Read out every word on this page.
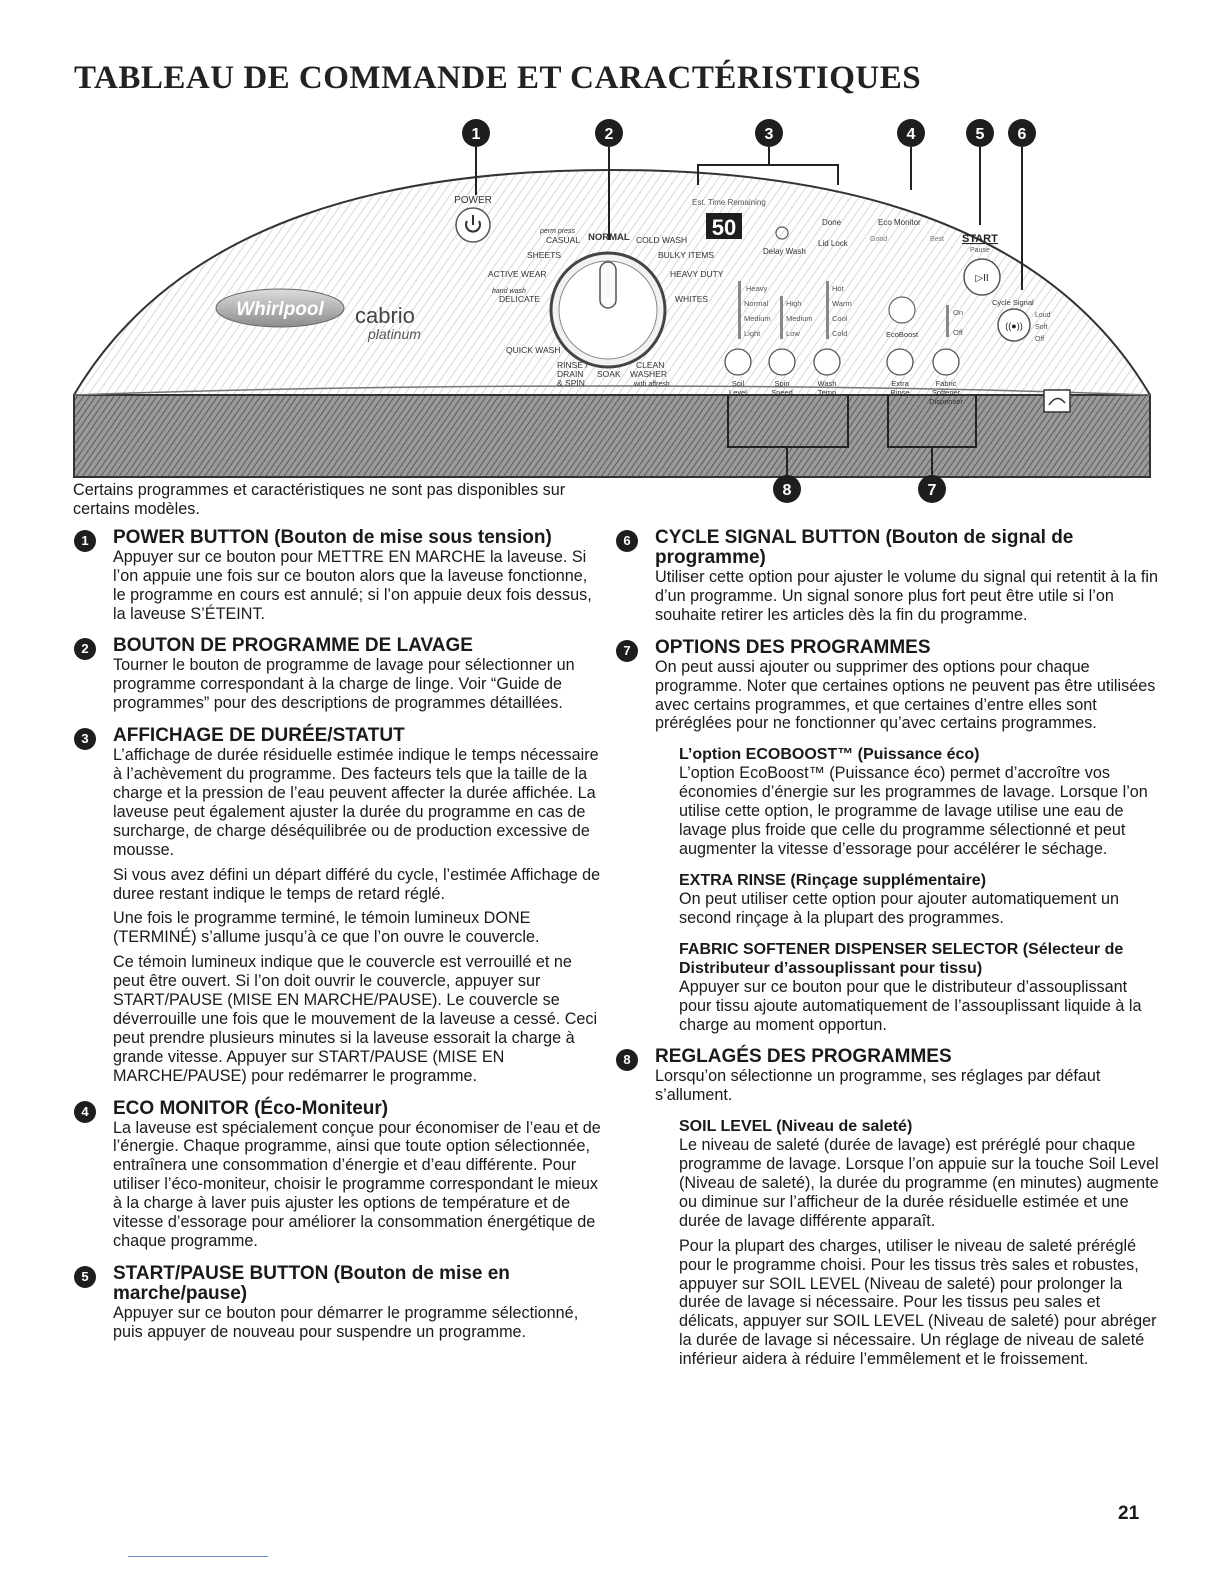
TABLEAU DE COMMANDE ET CARACTÉRISTIQUES
1	2	3	4	5 6
8	7
Whirlpool cabrio
platinum
POWER
perm press
CASUAL NORMAL COLD WASH
SHEETS	BULKY ITEMS
ACTIVE WEAR	HEAVY DUTY
hand wash
DELICATE	WHITES
QUICK WASH
RINSE /
DRAIN
& SPIN
SOAK
CLEAN
WASHER
with affresh
Est. Time Remaining
50	Done
Lid Lock
Delay Wash
Eco Monitor
Good	Best START
Pause
▷II
Heavy
Normal
Medium
Light
High
Medium
Low
Hot
Warm
Cool
Cold	EcoBoost
On
Off
Cycle Signal
((●))
Loud
Soft
Off
Soil
Level
Spin
Speed
Wash
Temp
Extra
Rinse
Fabric
Softener
Dispenser

Certains programmes et caractéristiques ne sont pas disponibles sur certains modèles.

1	POWER BUTTON (Bouton de mise sous tension)

Appuyer sur ce bouton pour METTRE EN MARCHE la laveuse. Si l’on appuie une fois sur ce bouton alors que la laveuse fonctionne, le programme en cours est annulé; si l’on appuie deux fois dessus, la laveuse S’ÉTEINT.

2	BOUTON DE PROGRAMME DE LAVAGE

Tourner le bouton de programme de lavage pour sélectionner un programme correspondant à la charge de linge. Voir “Guide de programmes” pour des descriptions de programmes détaillées.

3	AFFICHAGE DE DURÉE/STATUT

L’affichage de durée résiduelle estimée indique le temps nécessaire à l’achèvement du programme. Des facteurs tels que la taille de la charge et la pression de l’eau peuvent affecter la durée affichée. La laveuse peut également ajuster la durée du programme en cas de surcharge, de charge déséquilibrée ou de production excessive de mousse.

Si vous avez défini un départ différé du cycle, l’estimée Affichage de duree restant indique le temps de retard réglé.

Une fois le programme terminé, le témoin lumineux DONE (TERMINÉ) s’allume jusqu’à ce que l’on ouvre le couvercle.

Ce témoin lumineux indique que le couvercle est verrouillé et ne peut être ouvert. Si l’on doit ouvrir le couvercle, appuyer sur START/PAUSE (MISE EN MARCHE/PAUSE). Le couvercle se déverrouille une fois que le mouvement de la laveuse a cessé. Ceci peut prendre plusieurs minutes si la laveuse essorait la charge à grande vitesse. Appuyer sur START/PAUSE (MISE EN MARCHE/PAUSE) pour redémarrer le programme.

4	ECO MONITOR (Éco-Moniteur)

La laveuse est spécialement conçue pour économiser de l’eau et de l’énergie. Chaque programme, ainsi que toute option sélectionnée, entraînera une consommation d’énergie et d’eau différente. Pour utiliser l’éco-moniteur, choisir le programme correspondant le mieux à la charge à laver puis ajuster les options de température et de vitesse d’essorage pour améliorer la consommation énergétique de chaque programme.

5	START/PAUSE BUTTON (Bouton de mise en marche/pause)

Appuyer sur ce bouton pour démarrer le programme sélectionné, puis appuyer de nouveau pour suspendre un programme.

6	CYCLE SIGNAL BUTTON (Bouton de signal de programme)

Utiliser cette option pour ajuster le volume du signal qui retentit à la fin d’un programme. Un signal sonore plus fort peut être utile si l’on souhaite retirer les articles dès la fin du programme.

7	OPTIONS DES PROGRAMMES

On peut aussi ajouter ou supprimer des options pour chaque programme. Noter que certaines options ne peuvent pas être utilisées avec certains programmes, et que certaines d’entre elles sont préréglées pour ne fonctionner qu’avec certains programmes.

L’option ECOBOOST™ (Puissance éco)

L’option EcoBoost™ (Puissance éco) permet d’accroître vos économies d’énergie sur les programmes de lavage. Lorsque l’on utilise cette option, le programme de lavage utilise une eau de lavage plus froide que celle du programme sélectionné et peut augmenter la vitesse d’essorage pour accélérer le séchage.

EXTRA RINSE (Rinçage supplémentaire)

On peut utiliser cette option pour ajouter automatiquement un second rinçage à la plupart des programmes.

FABRIC SOFTENER DISPENSER SELECTOR (Sélecteur de Distributeur d’assouplissant pour tissu)

Appuyer sur ce bouton pour que le distributeur d’assouplissant pour tissu ajoute automatiquement de l’assouplissant liquide à la charge au moment opportun.

8	REGLAGÉS DES PROGRAMMES

Lorsqu’on sélectionne un programme, ses réglages par défaut s’allument.

SOIL LEVEL (Niveau de saleté)

Le niveau de saleté (durée de lavage) est préréglé pour chaque programme de lavage. Lorsque l’on appuie sur la touche Soil Level (Niveau de saleté), la durée du programme (en minutes) augmente ou diminue sur l’afficheur de la durée résiduelle estimée et une durée de lavage différente apparaît.

Pour la plupart des charges, utiliser le niveau de saleté préréglé pour le programme choisi. Pour les tissus très sales et robustes, appuyer sur SOIL LEVEL (Niveau de saleté) pour prolonger la durée de lavage si nécessaire. Pour les tissus peu sales et délicats, appuyer sur SOIL LEVEL (Niveau de saleté) pour abréger la durée de lavage si nécessaire. Un réglage de niveau de saleté inférieur aidera à réduire l’emmêlement et le froissement.

21
